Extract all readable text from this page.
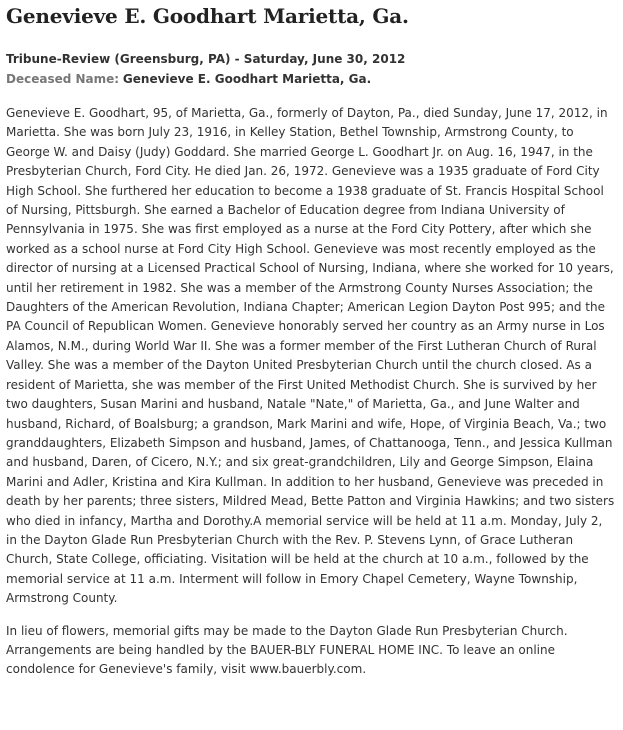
Genevieve E. Goodhart Marietta, Ga.
Tribune-Review (Greensburg, PA) - Saturday, June 30, 2012
Deceased Name: Genevieve E. Goodhart Marietta, Ga.

Genevieve E. Goodhart, 95, of Marietta, Ga., formerly of Dayton, Pa., died Sunday, June 17, 2012, in Marietta. She was born July 23, 1916, in Kelley Station, Bethel Township, Armstrong County, to George W. and Daisy (Judy) Goddard. She married George L. Goodhart Jr. on Aug. 16, 1947, in the Presbyterian Church, Ford City. He died Jan. 26, 1972. Genevieve was a 1935 graduate of Ford City High School. She furthered her education to become a 1938 graduate of St. Francis Hospital School of Nursing, Pittsburgh. She earned a Bachelor of Education degree from Indiana University of Pennsylvania in 1975. She was first employed as a nurse at the Ford City Pottery, after which she worked as a school nurse at Ford City High School. Genevieve was most recently employed as the director of nursing at a Licensed Practical School of Nursing, Indiana, where she worked for 10 years, until her retirement in 1982. She was a member of the Armstrong County Nurses Association; the Daughters of the American Revolution, Indiana Chapter; American Legion Dayton Post 995; and the PA Council of Republican Women. Genevieve honorably served her country as an Army nurse in Los Alamos, N.M., during World War II. She was a former member of the First Lutheran Church of Rural Valley. She was a member of the Dayton United Presbyterian Church until the church closed. As a resident of Marietta, she was member of the First United Methodist Church. She is survived by her two daughters, Susan Marini and husband, Natale "Nate," of Marietta, Ga., and June Walter and husband, Richard, of Boalsburg; a grandson, Mark Marini and wife, Hope, of Virginia Beach, Va.; two granddaughters, Elizabeth Simpson and husband, James, of Chattanooga, Tenn., and Jessica Kullman and husband, Daren, of Cicero, N.Y.; and six great-grandchildren, Lily and George Simpson, Elaina Marini and Adler, Kristina and Kira Kullman. In addition to her husband, Genevieve was preceded in death by her parents; three sisters, Mildred Mead, Bette Patton and Virginia Hawkins; and two sisters who died in infancy, Martha and Dorothy.A memorial service will be held at 11 a.m. Monday, July 2, in the Dayton Glade Run Presbyterian Church with the Rev. P. Stevens Lynn, of Grace Lutheran Church, State College, officiating. Visitation will be held at the church at 10 a.m., followed by the memorial service at 11 a.m. Interment will follow in Emory Chapel Cemetery, Wayne Township, Armstrong County.

In lieu of flowers, memorial gifts may be made to the Dayton Glade Run Presbyterian Church. Arrangements are being handled by the BAUER-BLY FUNERAL HOME INC. To leave an online condolence for Genevieve's family, visit www.bauerbly.com.
